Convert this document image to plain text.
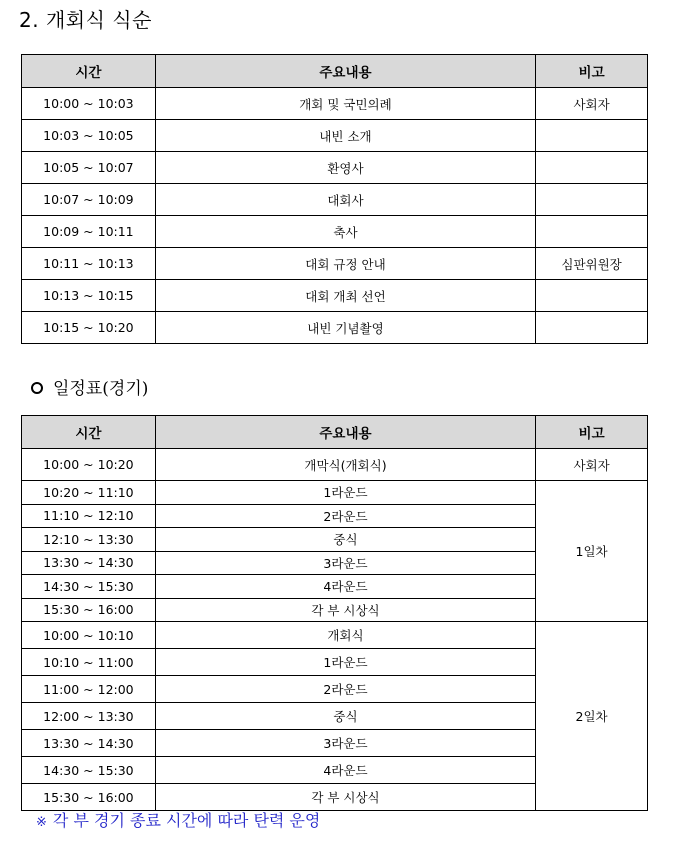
2. 개회식 식순
시간	주요내용	비고
10:00 ~ 10:03	개회 및 국민의례	사회자
10:03 ~ 10:05	내빈 소개	
10:05 ~ 10:07	환영사	
10:07 ~ 10:09	대회사	
10:09 ~ 10:11	축사	
10:11 ~ 10:13	대회 규정 안내	심판위원장
10:13 ~ 10:15	대회 개최 선언	
10:15 ~ 10:20	내빈 기념촬영	
일정표(경기)
시간	주요내용	비고
10:00 ~ 10:20	개막식(개회식)	사회자
10:20 ~ 11:10	1라운드	1일차
11:10 ~ 12:10	2라운드	
12:10 ~ 13:30	중식	
13:30 ~ 14:30	3라운드	
14:30 ~ 15:30	4라운드	
15:30 ~ 16:00	각 부 시상식	
10:00 ~ 10:10	개회식	2일차
10:10 ~ 11:00	1라운드	
11:00 ~ 12:00	2라운드	
12:00 ~ 13:30	중식	
13:30 ~ 14:30	3라운드	
14:30 ~ 15:30	4라운드	
15:30 ~ 16:00	각 부 시상식	
※ 각 부 경기 종료 시간에 따라 탄력 운영
